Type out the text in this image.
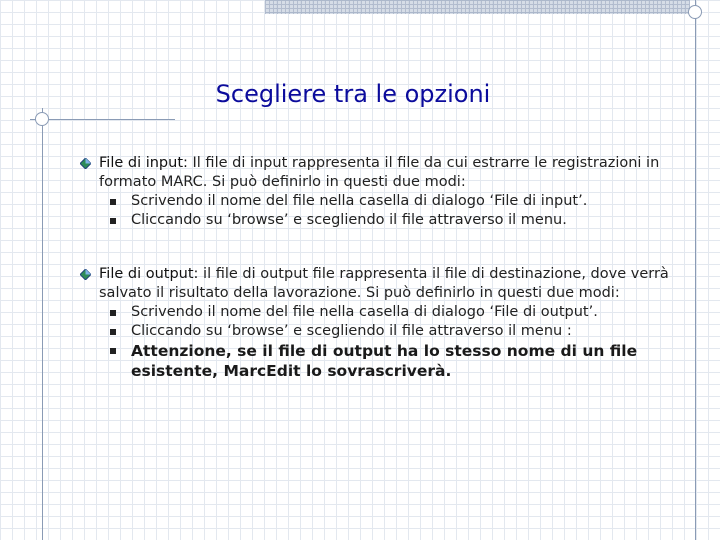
Scegliere tra le opzioni
File di input: Il file di input rappresenta il file da cui estrarre le registrazioni in formato MARC. Si può definirlo in questi due modi:
Scrivendo il nome del file nella casella di dialogo ‘File di input’.
Cliccando su ‘browse’ e scegliendo il file attraverso il menu.
File di output: il file di output file rappresenta il file di destinazione, dove verrà salvato il risultato della lavorazione. Si può definirlo in questi due modi:
Scrivendo il nome del file nella casella di dialogo ‘File di output’.
Cliccando su ‘browse’ e scegliendo il file attraverso il menu :
Attenzione, se il file di output ha lo stesso nome di un file esistente, MarcEdit lo sovrascriverà.
